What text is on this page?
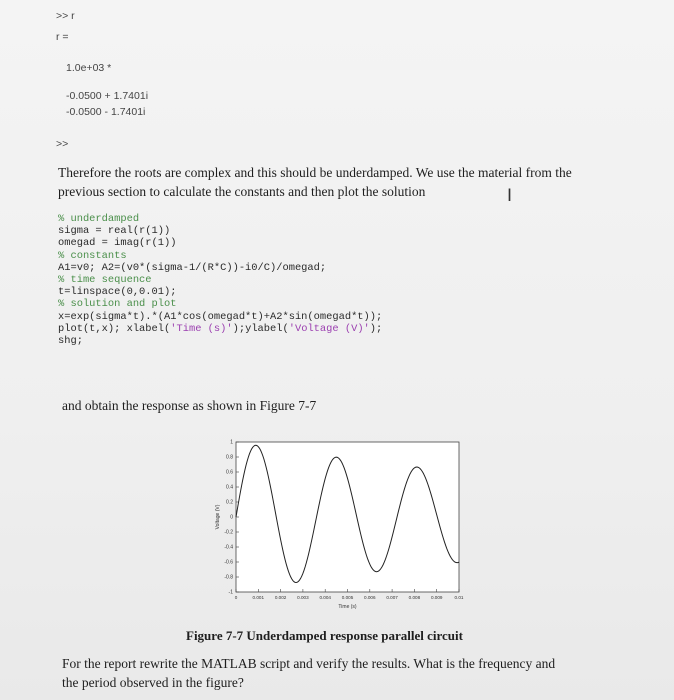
>> r
r =
1.0e+03 *
-0.0500 + 1.7401i
-0.0500 - 1.7401i
>>
Therefore the roots are complex and this should be underdamped. We use the material from the
previous section to calculate the constants and then plot the solution	I
% underdamped
sigma = real(r(1))
omegad = imag(r(1))
% constants
A1=v0; A2=(v0*(sigma-1/(R*C))-i0/C)/omegad;
% time sequence
t=linspace(0,0.01);
% solution and plot
x=exp(sigma*t).*(A1*cos(omegad*t)+A2*sin(omegad*t));
plot(t,x); xlabel('Time (s)');ylabel('Voltage (V)');
shg;
and obtain the response as shown in Figure 7-7
-1
-0.8
-0.6
-0.4
-0.2
0
0.2
0.4
0.6
0.8
1
0	0.001 0.002 0.003 0.004 0.005 0.006 0.007 0.008 0.009	0.01
Time (s)
Voltage (V)
Figure 7-7 Underdamped response parallel circuit
For the report rewrite the MATLAB script and verify the results. What is the frequency and
the period observed in the figure?
